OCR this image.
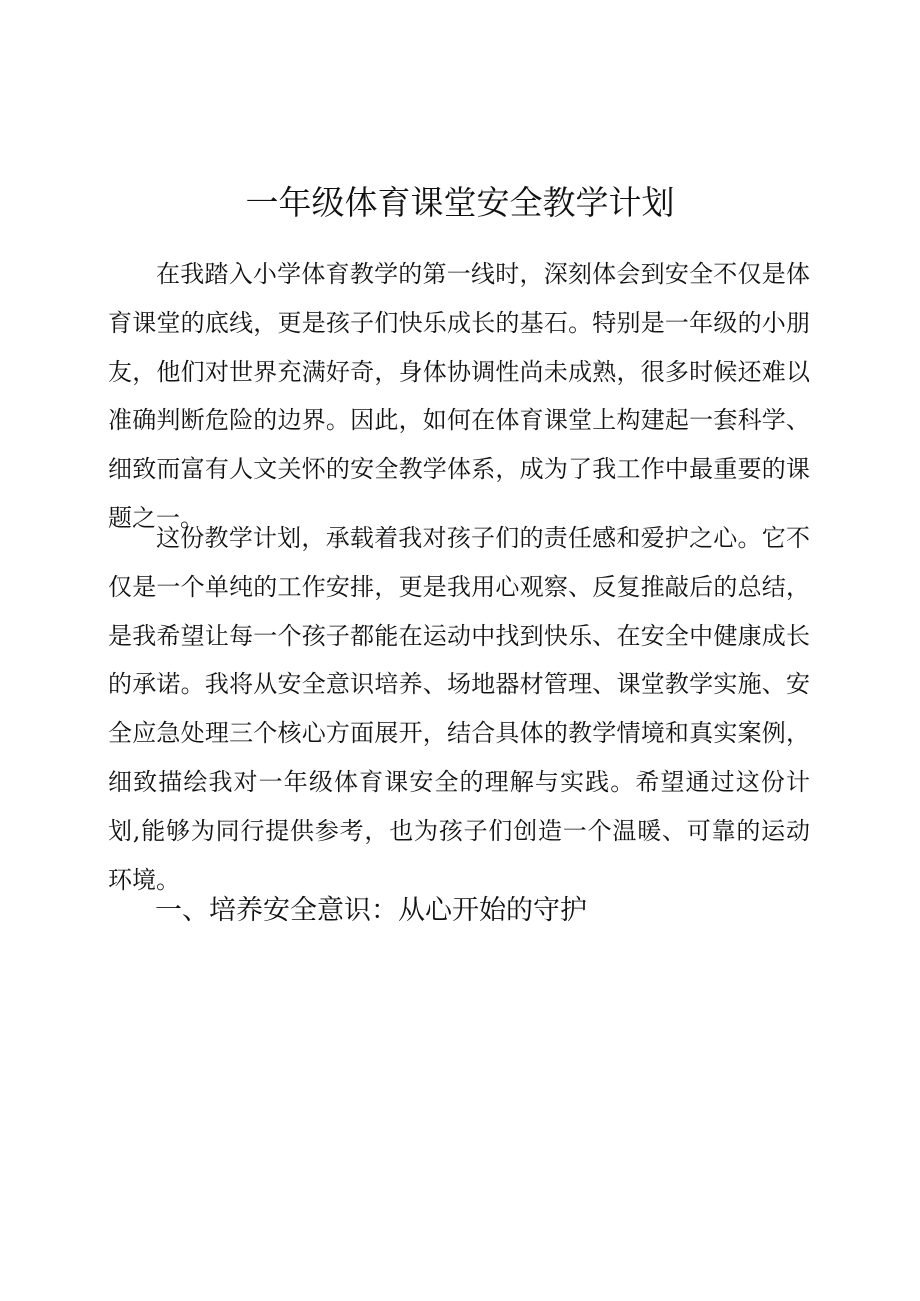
一年级体育课堂安全教学计划

在我踏入小学体育教学的第一线时，深刻体会到安全不仅是体育课堂的底线，更是孩子们快乐成长的基石。特别是一年级的小朋友，他们对世界充满好奇，身体协调性尚未成熟，很多时候还难以准确判断危险的边界。因此，如何在体育课堂上构建起一套科学、细致而富有人文关怀的安全教学体系，成为了我工作中最重要的课题之一。

这份教学计划，承载着我对孩子们的责任感和爱护之心。它不仅是一个单纯的工作安排，更是我用心观察、反复推敲后的总结，是我希望让每一个孩子都能在运动中找到快乐、在安全中健康成长的承诺。我将从安全意识培养、场地器材管理、课堂教学实施、安全应急处理三个核心方面展开，结合具体的教学情境和真实案例，细致描绘我对一年级体育课安全的理解与实践。希望通过这份计划,能够为同行提供参考，也为孩子们创造一个温暖、可靠的运动环境。

一、培养安全意识：从心开始的守护
